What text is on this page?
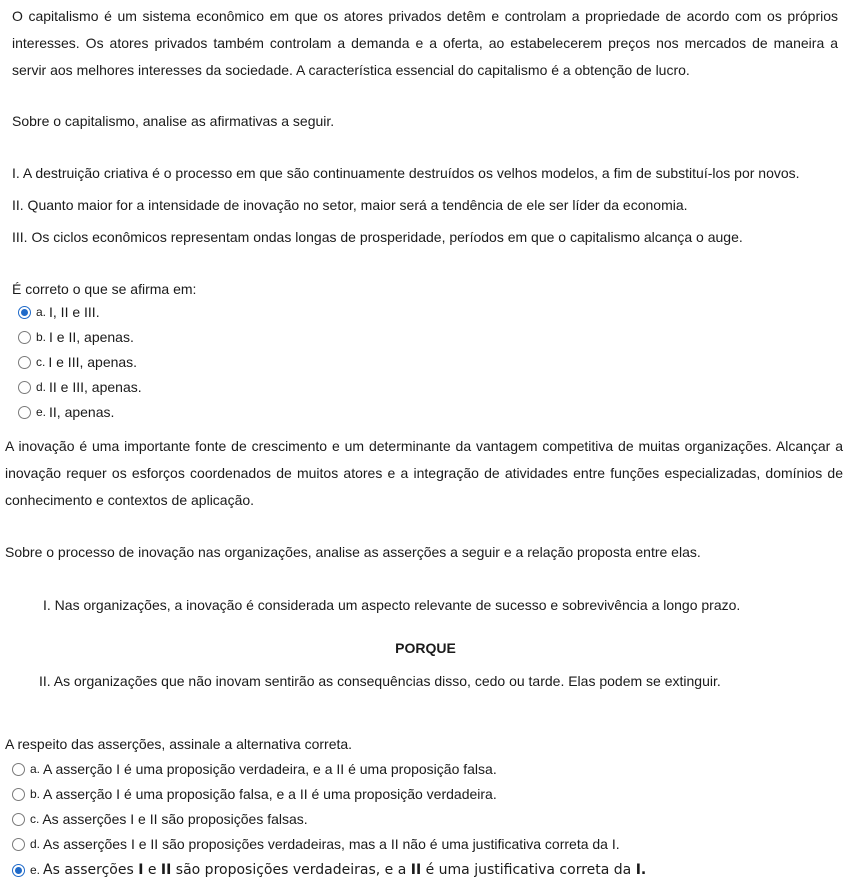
O capitalismo é um sistema econômico em que os atores privados detêm e controlam a propriedade de acordo com os próprios interesses. Os atores privados também controlam a demanda e a oferta, ao estabelecerem preços nos mercados de maneira a servir aos melhores interesses da sociedade. A característica essencial do capitalismo é a obtenção de lucro.
Sobre o capitalismo, analise as afirmativas a seguir.
I. A destruição criativa é o processo em que são continuamente destruídos os velhos modelos, a fim de substituí-los por novos.
II. Quanto maior for a intensidade de inovação no setor, maior será a tendência de ele ser líder da economia.
III. Os ciclos econômicos representam ondas longas de prosperidade, períodos em que o capitalismo alcança o auge.
É correto o que se afirma em:
a. I, II e III.
b. I e II, apenas.
c. I e III, apenas.
d. II e III, apenas.
e. II, apenas.
A inovação é uma importante fonte de crescimento e um determinante da vantagem competitiva de muitas organizações. Alcançar a inovação requer os esforços coordenados de muitos atores e a integração de atividades entre funções especializadas, domínios de conhecimento e contextos de aplicação.
Sobre o processo de inovação nas organizações, analise as asserções a seguir e a relação proposta entre elas.
I. Nas organizações, a inovação é considerada um aspecto relevante de sucesso e sobrevivência a longo prazo.
PORQUE
II. As organizações que não inovam sentirão as consequências disso, cedo ou tarde. Elas podem se extinguir.
A respeito das asserções, assinale a alternativa correta.
a. A asserção I é uma proposição verdadeira, e a II é uma proposição falsa.
b. A asserção I é uma proposição falsa, e a II é uma proposição verdadeira.
c. As asserções I e II são proposições falsas.
d. As asserções I e II são proposições verdadeiras, mas a II não é uma justificativa correta da I.
e. As asserções I e II são proposições verdadeiras, e a II é uma justificativa correta da I.
